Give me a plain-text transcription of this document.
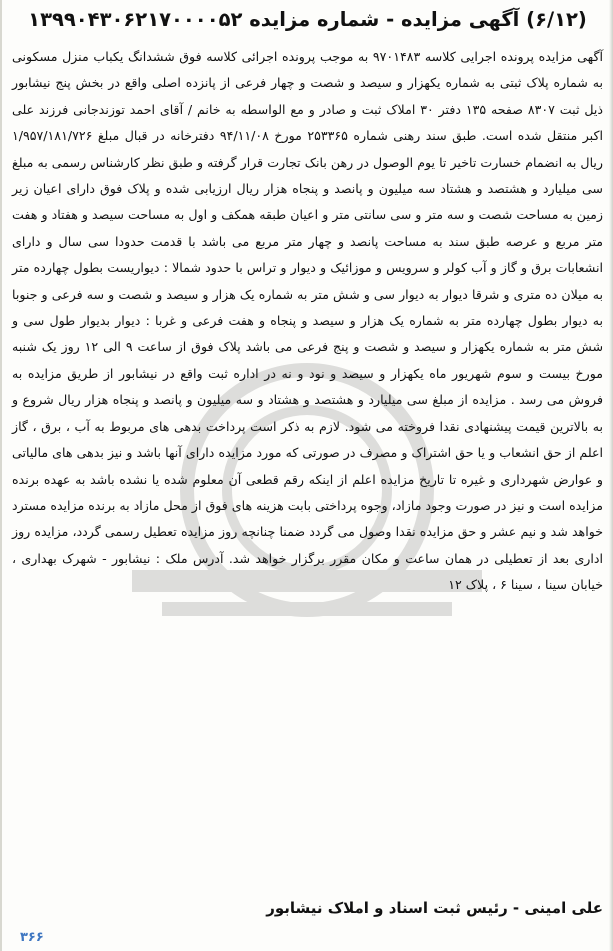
(۶/۱۲) آگهی مزایده - شماره مزایده ۱۳۹۹۰۴۳۰۶۲۱۷۰۰۰۰۵۲

آگهی مزایده پرونده اجرایی کلاسه ۹۷۰۱۴۸۳ به موجب پرونده اجرائی کلاسه فوق ششدانگ یکباب منزل مسکونی به شماره پلاک ثبتی به شماره یکهزار و سیصد و شصت و چهار فرعی از پانزده اصلی واقع در بخش پنج نیشابور ذیل ثبت ۸۳۰۷ صفحه ۱۳۵ دفتر ۳۰ املاک ثبت و صادر و مع الواسطه به خانم / آقای احمد توزندجانی فرزند علی اکبر منتقل شده است. طبق سند رهنی شماره ۲۵۳۳۶۵ مورخ ۹۴/۱۱/۰۸ دفترخانه در قبال مبلغ ۱/۹۵۷/۱۸۱/۷۲۶ ریال به انضمام خسارت تاخیر تا یوم الوصول در رهن بانک تجارت قرار گرفته و طبق نظر کارشناس رسمی به مبلغ سی میلیارد و هشتصد و هشتاد سه میلیون و پانصد و پنجاه هزار ریال ارزیابی شده و پلاک فوق دارای اعیان زیر زمین به مساحت شصت و سه متر و سی سانتی متر و اعیان طبقه همکف و اول به مساحت سیصد و هفتاد و هفت متر مربع و عرصه طبق سند به مساحت پانصد و چهار متر مربع می باشد با قدمت حدودا سی سال و دارای انشعابات برق و گاز و آب کولر و سرویس و موزائیک و دیوار و تراس با حدود شمالا : دیواریست بطول چهارده متر به میلان ده متری و شرقا دیوار به دیوار سی و شش متر به شماره یک هزار و سیصد و شصت و سه فرعی و جنوبا به دیوار بطول چهارده متر به شماره یک هزار و سیصد و پنجاه و هفت فرعی و غربا : دیوار بدیوار طول سی و شش متر به شماره یکهزار و سیصد و شصت و پنج فرعی می باشد پلاک فوق از ساعت ۹ الی ۱۲ روز یک شنبه مورخ بیست و سوم شهریور ماه یکهزار و سیصد و نود و نه در اداره ثبت واقع در نیشابور از طریق مزایده به فروش می رسد . مزایده از مبلغ سی میلیارد و هشتصد و هشتاد و سه میلیون و پانصد و پنجاه هزار ریال شروع و به بالاترین قیمت پیشنهادی نقدا فروخته می شود. لازم به ذکر است پرداخت بدهی های مربوط به آب ، برق ، گاز اعلم از حق انشعاب و یا حق اشتراک و مصرف در صورتی که مورد مزایده دارای آنها باشد و نیز بدهی های مالیاتی و عوارض شهرداری و غیره تا تاریخ مزایده اعلم از اینکه رقم قطعی آن معلوم شده یا نشده باشد به عهده برنده مزایده است و نیز در صورت وجود مازاد، وجوه پرداختی بابت هزینه های فوق از محل مازاد به برنده مزایده مسترد خواهد شد و نیم عشر و حق مزایده نقدا وصول می گردد ضمنا چنانچه روز مزایده تعطیل رسمی گردد، مزایده روز اداری بعد از تعطیلی در همان ساعت و مکان مقرر برگزار خواهد شد. آدرس ملک : نیشابور - شهرک بهداری ، خیابان سینا ، سینا ۶ ، پلاک ۱۲

علی امینی - رئیس ثبت اسناد و املاک نیشابور
۳۶۶
